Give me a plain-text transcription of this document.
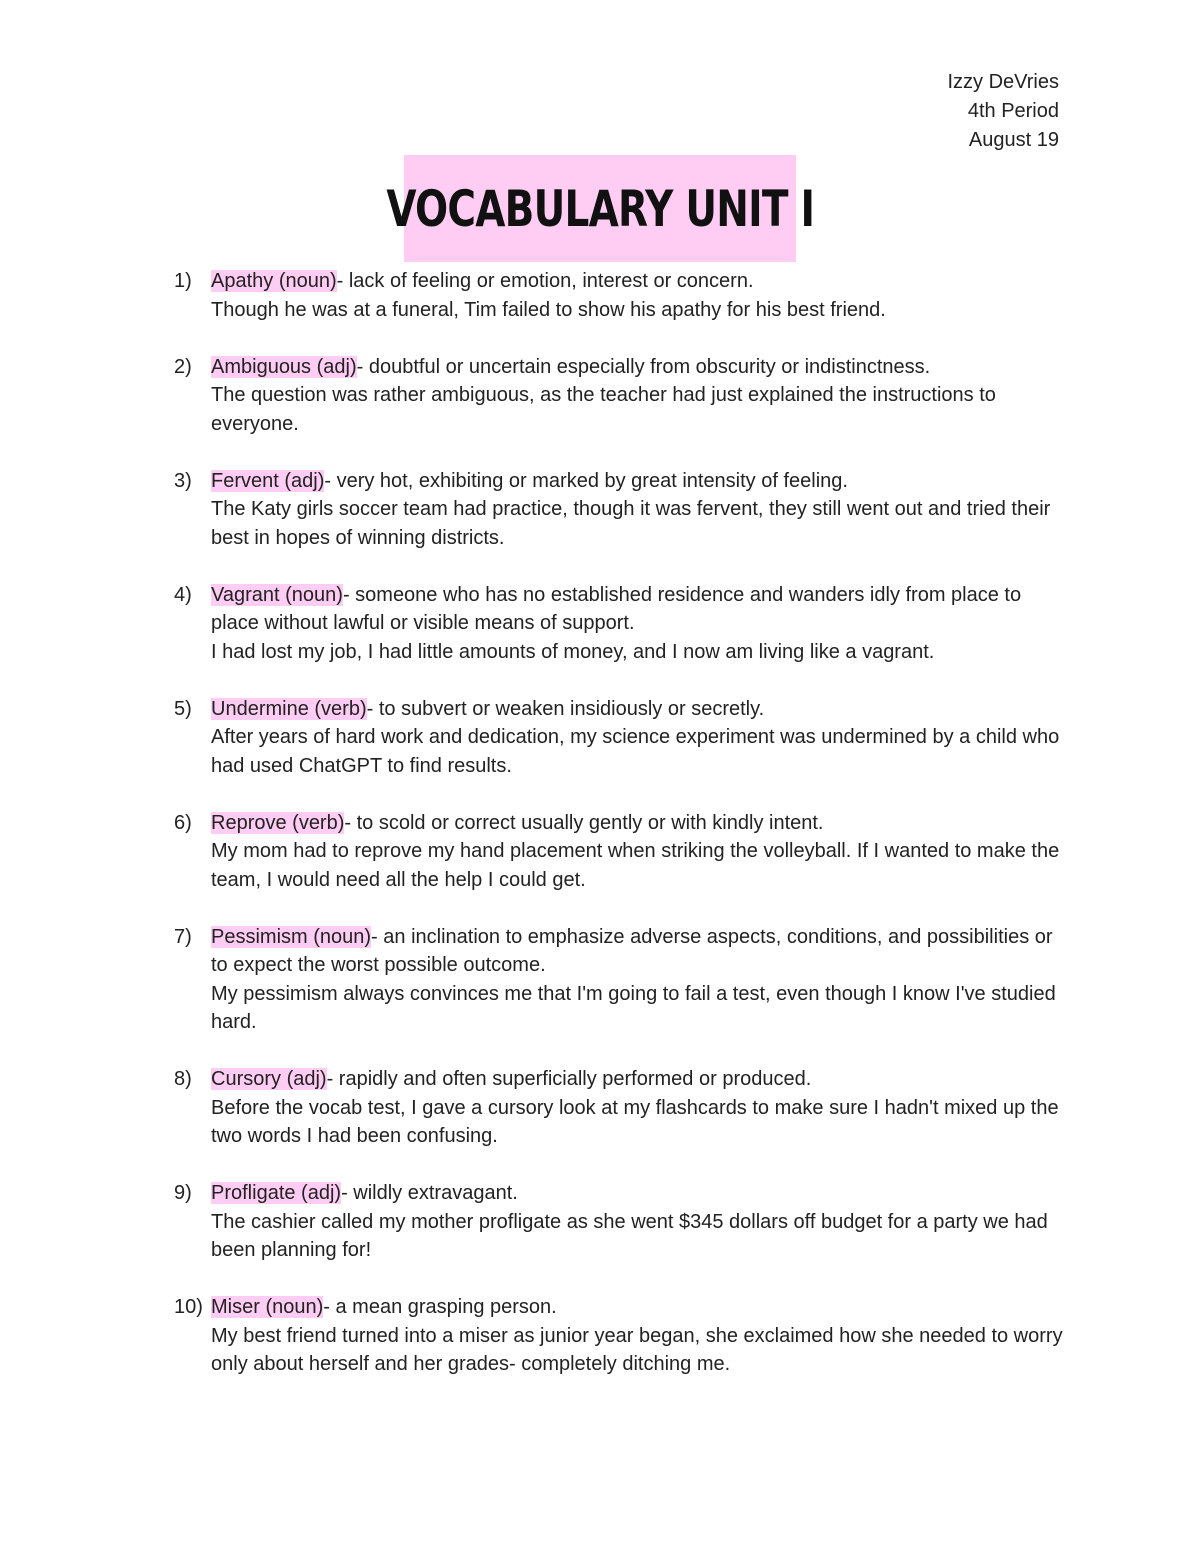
Izzy DeVries
4th Period
August 19
VOCABULARY UNIT I
1) Apathy (noun)- lack of feeling or emotion, interest or concern.
Though he was at a funeral, Tim failed to show his apathy for his best friend.
2) Ambiguous (adj)- doubtful or uncertain especially from obscurity or indistinctness.
The question was rather ambiguous, as the teacher had just explained the instructions to everyone.
3) Fervent (adj)- very hot, exhibiting or marked by great intensity of feeling.
The Katy girls soccer team had practice, though it was fervent, they still went out and tried their best in hopes of winning districts.
4) Vagrant (noun)- someone who has no established residence and wanders idly from place to place without lawful or visible means of support.
I had lost my job, I had little amounts of money, and I now am living like a vagrant.
5) Undermine (verb)- to subvert or weaken insidiously or secretly.
After years of hard work and dedication, my science experiment was undermined by a child who had used ChatGPT to find results.
6) Reprove (verb)- to scold or correct usually gently or with kindly intent.
My mom had to reprove my hand placement when striking the volleyball. If I wanted to make the team, I would need all the help I could get.
7) Pessimism (noun)- an inclination to emphasize adverse aspects, conditions, and possibilities or to expect the worst possible outcome.
My pessimism always convinces me that I'm going to fail a test, even though I know I've studied hard.
8) Cursory (adj)- rapidly and often superficially performed or produced.
Before the vocab test, I gave a cursory look at my flashcards to make sure I hadn't mixed up the two words I had been confusing.
9) Profligate (adj)- wildly extravagant.
The cashier called my mother profligate as she went $345 dollars off budget for a party we had been planning for!
10) Miser (noun)- a mean grasping person.
My best friend turned into a miser as junior year began, she exclaimed how she needed to worry only about herself and her grades- completely ditching me.
